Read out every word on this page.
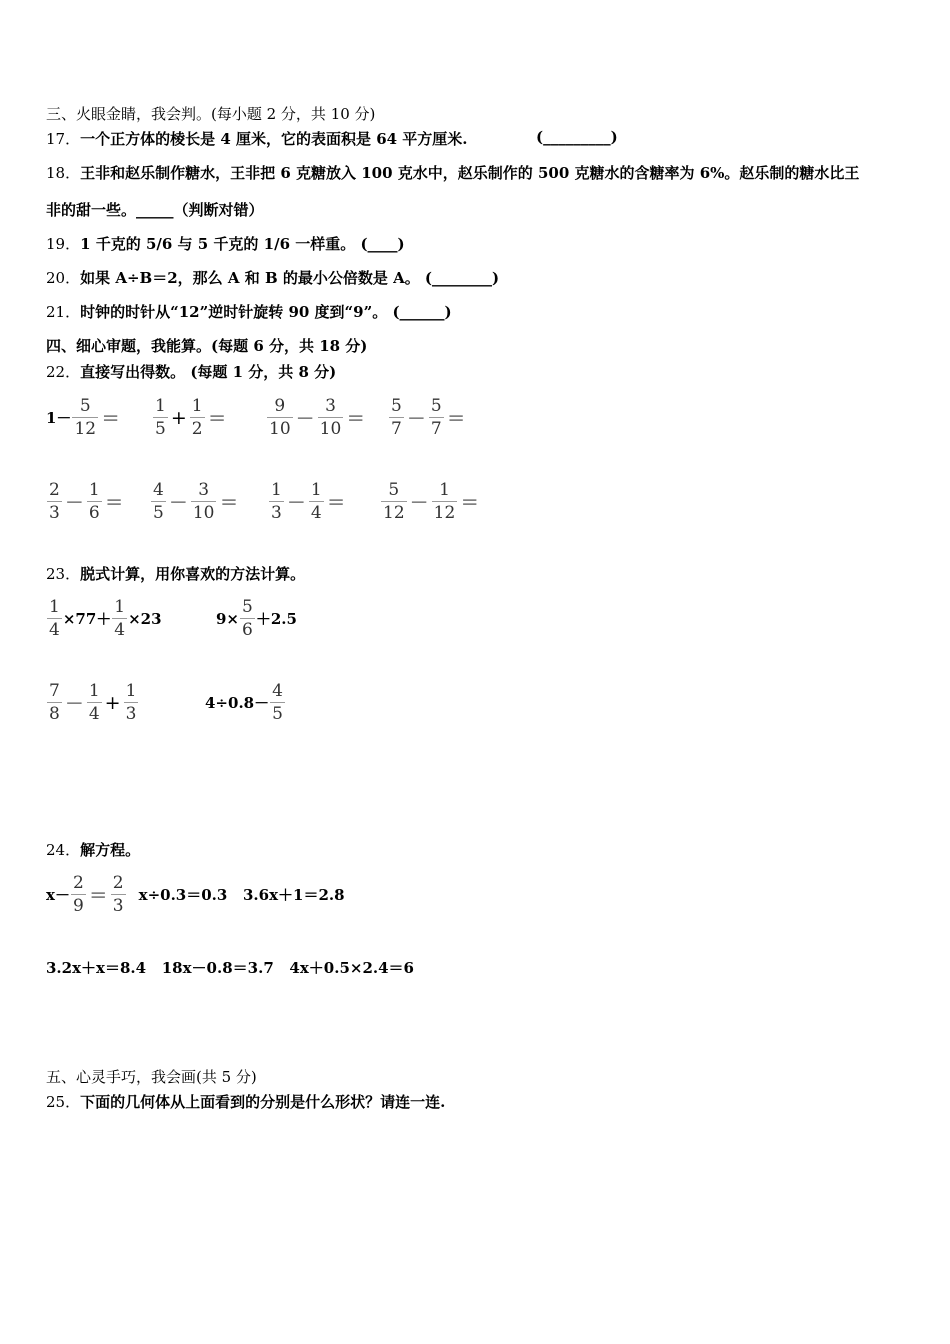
三、火眼金睛，我会判。(每小题 2 分，共 10 分)
17．一个正方体的棱长是 4 厘米，它的表面积是 64 平方厘米.	(_________)
18．王非和赵乐制作糖水，王非把 6 克糖放入 100 克水中，赵乐制作的 500 克糖水的含糖率为 6%。赵乐制的糖水比王
非的甜一些。_____（判断对错）
19．1 千克的 5/6 与 5 千克的 1/6 一样重。 (____)
20．如果 A÷B＝2，那么 A 和 B 的最小公倍数是 A。 (________)
21．时钟的时针从“12”逆时针旋转 90 度到“9”。 (______)
四、细心审题，我能算。(每题 6 分，共 18 分)
22．直接写出得数。 (每题 1 分，共 8 分)
$1- \frac{5}{12} = \frac{1}{5} + \frac{1}{2} = \frac{9}{10} - \frac{3}{10} = \frac{5}{7} - \frac{5}{7}$ ＝
$\frac{2}{3} - \frac{1}{6} = \frac{4}{5} - \frac{3}{10} = \frac{1}{3} - \frac{1}{4} = \frac{5}{12} - \frac{1}{12}$ ＝
23．脱式计算，用你喜欢的方法计算。
$\frac{1}{4} \times 77+ \frac{1}{4} \times 23$	$9\times \frac{5}{6} +2.5$
$\frac{7}{8} - \frac{1}{4} + \frac{1}{3}$	$4\div 0.8- \frac{4}{5}$
24．解方程。
$x- \frac{2}{9} = \frac{2}{3} x\div 0.3=0.3$   3.6x＋1＝2.8
3.2x＋x＝8.4   18x－0.8＝3.7   4x＋0.5×2.4＝6
五、心灵手巧，我会画(共 5 分)
25．下面的几何体从上面看到的分别是什么形状？请连一连.
